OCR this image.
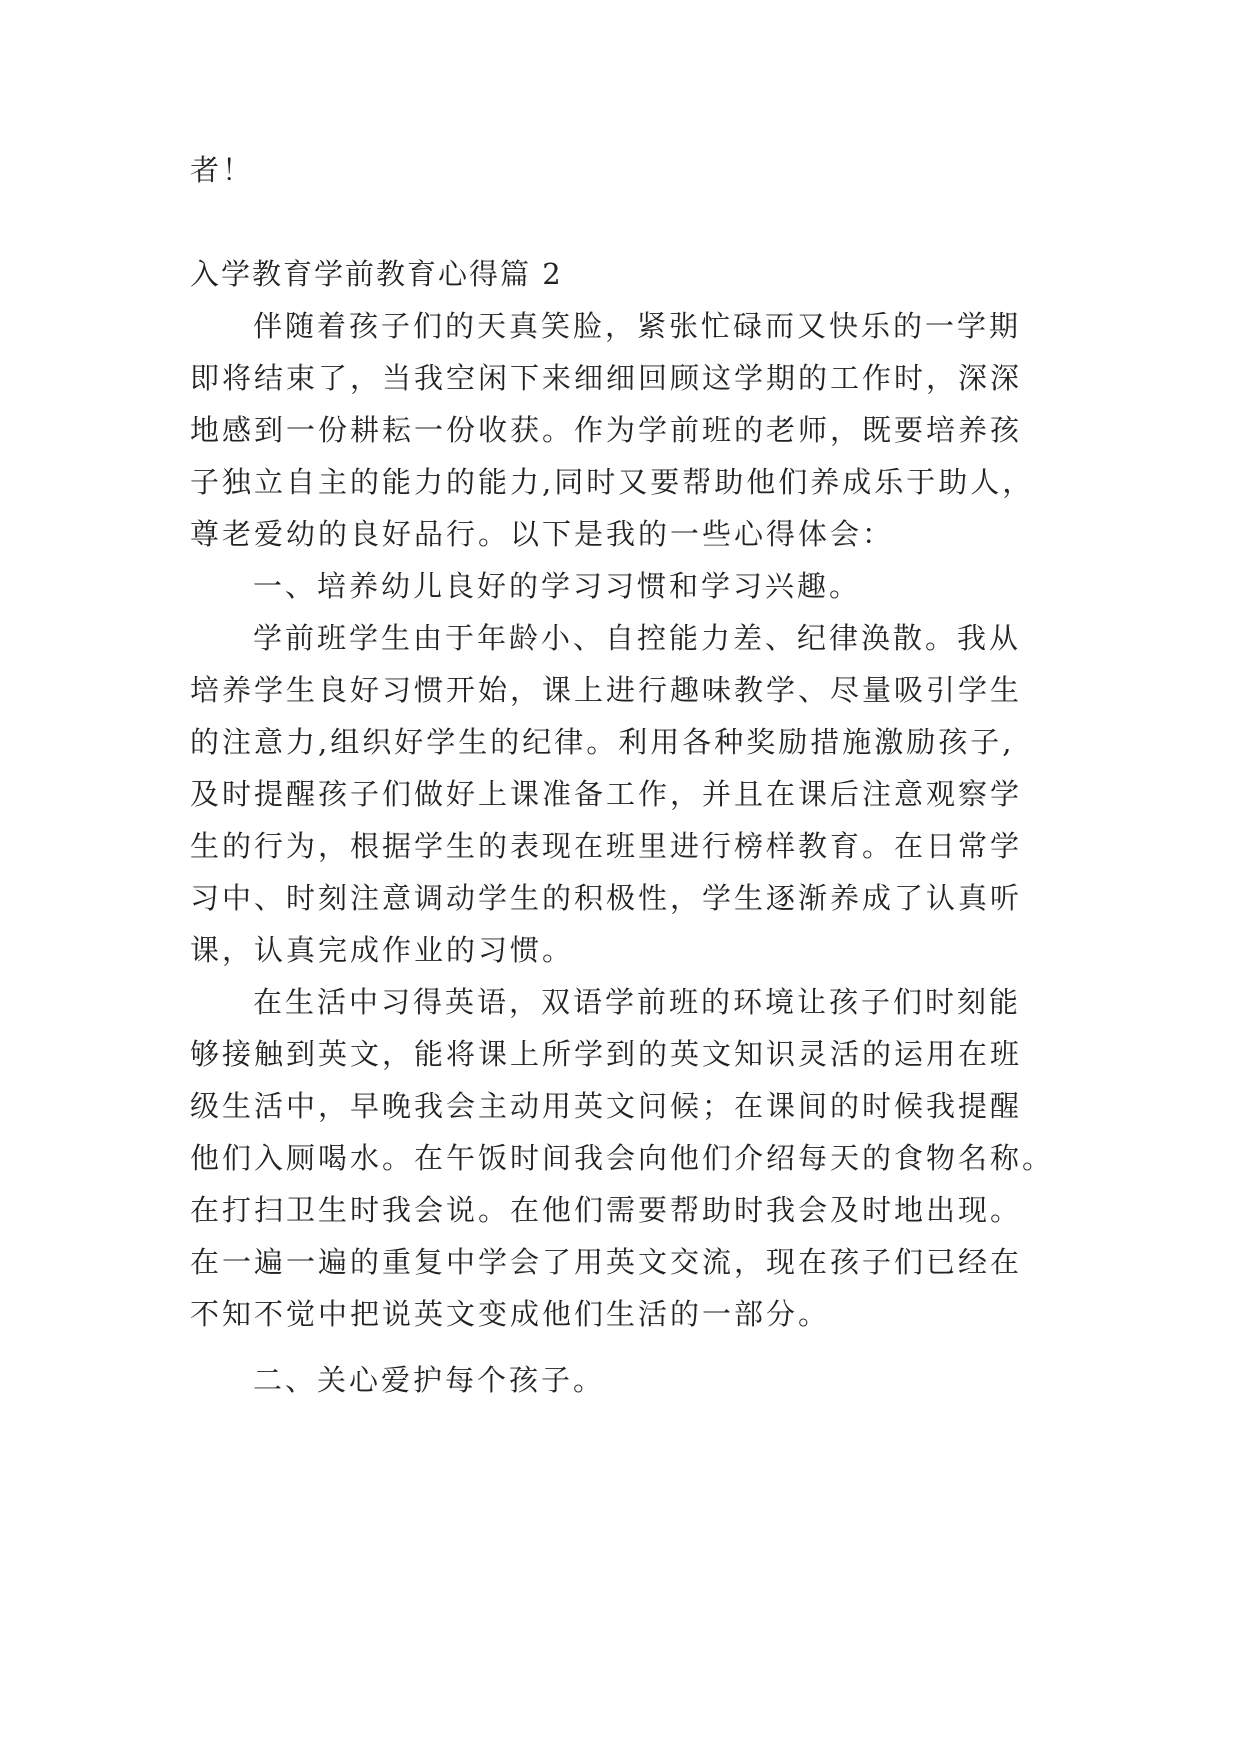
者！
入学教育学前教育心得篇 2
伴随着孩子们的天真笑脸，紧张忙碌而又快乐的一学期
即将结束了，当我空闲下来细细回顾这学期的工作时，深深
地感到一份耕耘一份收获。作为学前班的老师，既要培养孩
子独立自主的能力的能力,同时又要帮助他们养成乐于助人，
尊老爱幼的良好品行。以下是我的一些心得体会：
一、培养幼儿良好的学习习惯和学习兴趣。
学前班学生由于年龄小、自控能力差、纪律涣散。我从
培养学生良好习惯开始，课上进行趣味教学、尽量吸引学生
的注意力,组织好学生的纪律。利用各种奖励措施激励孩子,
及时提醒孩子们做好上课准备工作，并且在课后注意观察学
生的行为，根据学生的表现在班里进行榜样教育。在日常学
习中、时刻注意调动学生的积极性，学生逐渐养成了认真听
课，认真完成作业的习惯。
在生活中习得英语，双语学前班的环境让孩子们时刻能
够接触到英文，能将课上所学到的英文知识灵活的运用在班
级生活中，早晚我会主动用英文问候；在课间的时候我提醒
他们入厕喝水。在午饭时间我会向他们介绍每天的食物名称。
在打扫卫生时我会说。在他们需要帮助时我会及时地出现。
在一遍一遍的重复中学会了用英文交流，现在孩子们已经在
不知不觉中把说英文变成他们生活的一部分。
二、关心爱护每个孩子。
